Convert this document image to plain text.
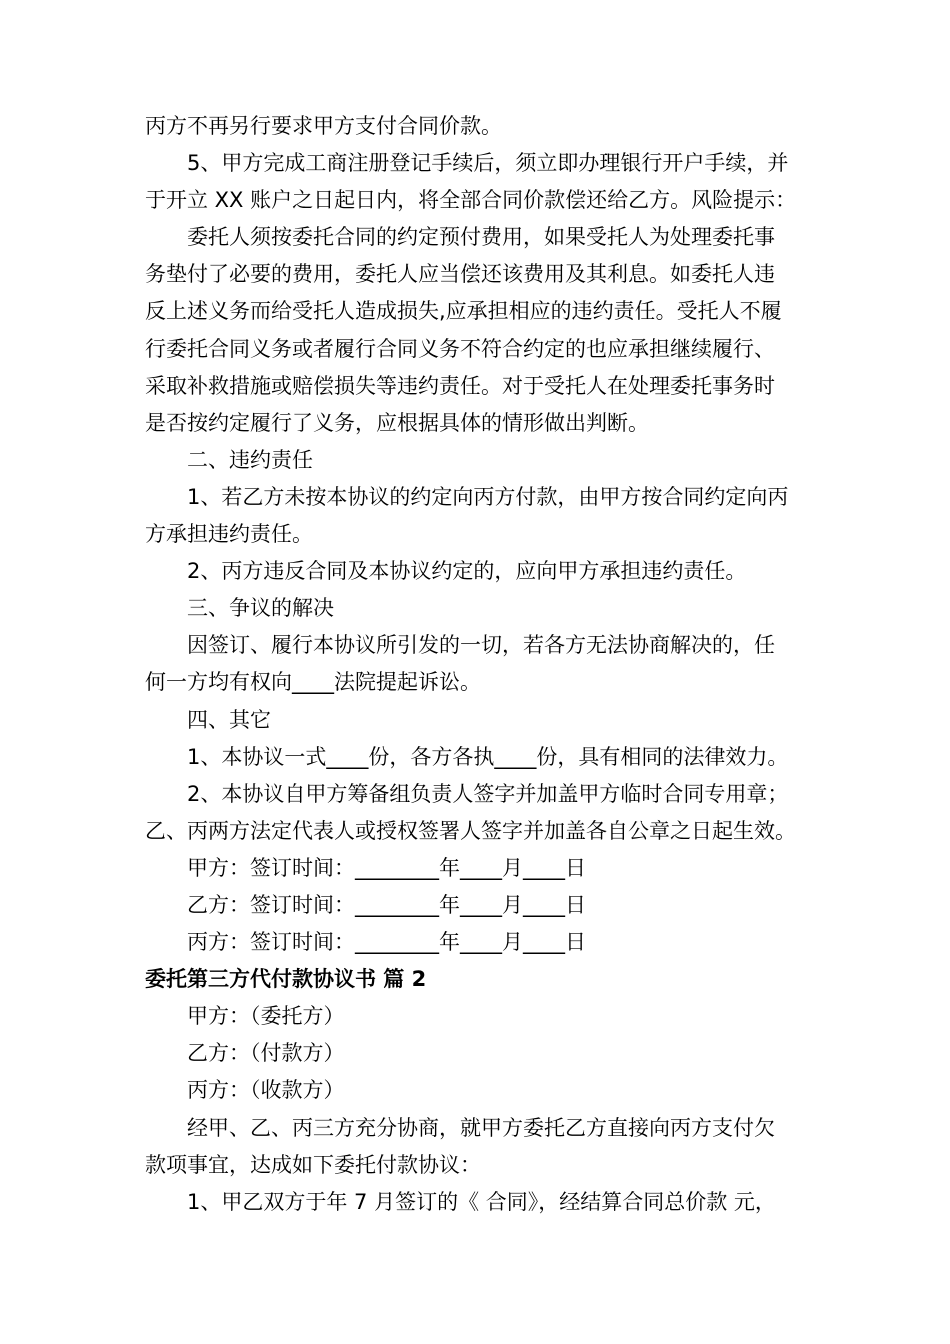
丙方不再另行要求甲方支付合同价款。

5、甲方完成工商注册登记手续后，须立即办理银行开户手续，并

于开立 XX 账户之日起日内，将全部合同价款偿还给乙方。风险提示：

委托人须按委托合同的约定预付费用，如果受托人为处理委托事

务垫付了必要的费用，委托人应当偿还该费用及其利息。如委托人违

反上述义务而给受托人造成损失,应承担相应的违约责任。受托人不履

行委托合同义务或者履行合同义务不符合约定的也应承担继续履行、

采取补救措施或赔偿损失等违约责任。对于受托人在处理委托事务时

是否按约定履行了义务，应根据具体的情形做出判断。

二、违约责任

1、若乙方未按本协议的约定向丙方付款，由甲方按合同约定向丙

方承担违约责任。

2、丙方违反合同及本协议约定的，应向甲方承担违约责任。

三、争议的解决

因签订、履行本协议所引发的一切，若各方无法协商解决的，任

何一方均有权向____法院提起诉讼。

四、其它

1、本协议一式____份，各方各执____份，具有相同的法律效力。

2、本协议自甲方筹备组负责人签字并加盖甲方临时合同专用章；

乙、丙两方法定代表人或授权签署人签字并加盖各自公章之日起生效。

甲方：签订时间：________年____月____日

乙方：签订时间：________年____月____日

丙方：签订时间：________年____月____日

委托第三方代付款协议书 篇 2

甲方：（委托方）

乙方：（付款方）

丙方：（收款方）

经甲、乙、丙三方充分协商，就甲方委托乙方直接向丙方支付欠

款项事宜，达成如下委托付款协议：

1、甲乙双方于年 7 月签订的《 合同》，经结算合同总价款 元，
